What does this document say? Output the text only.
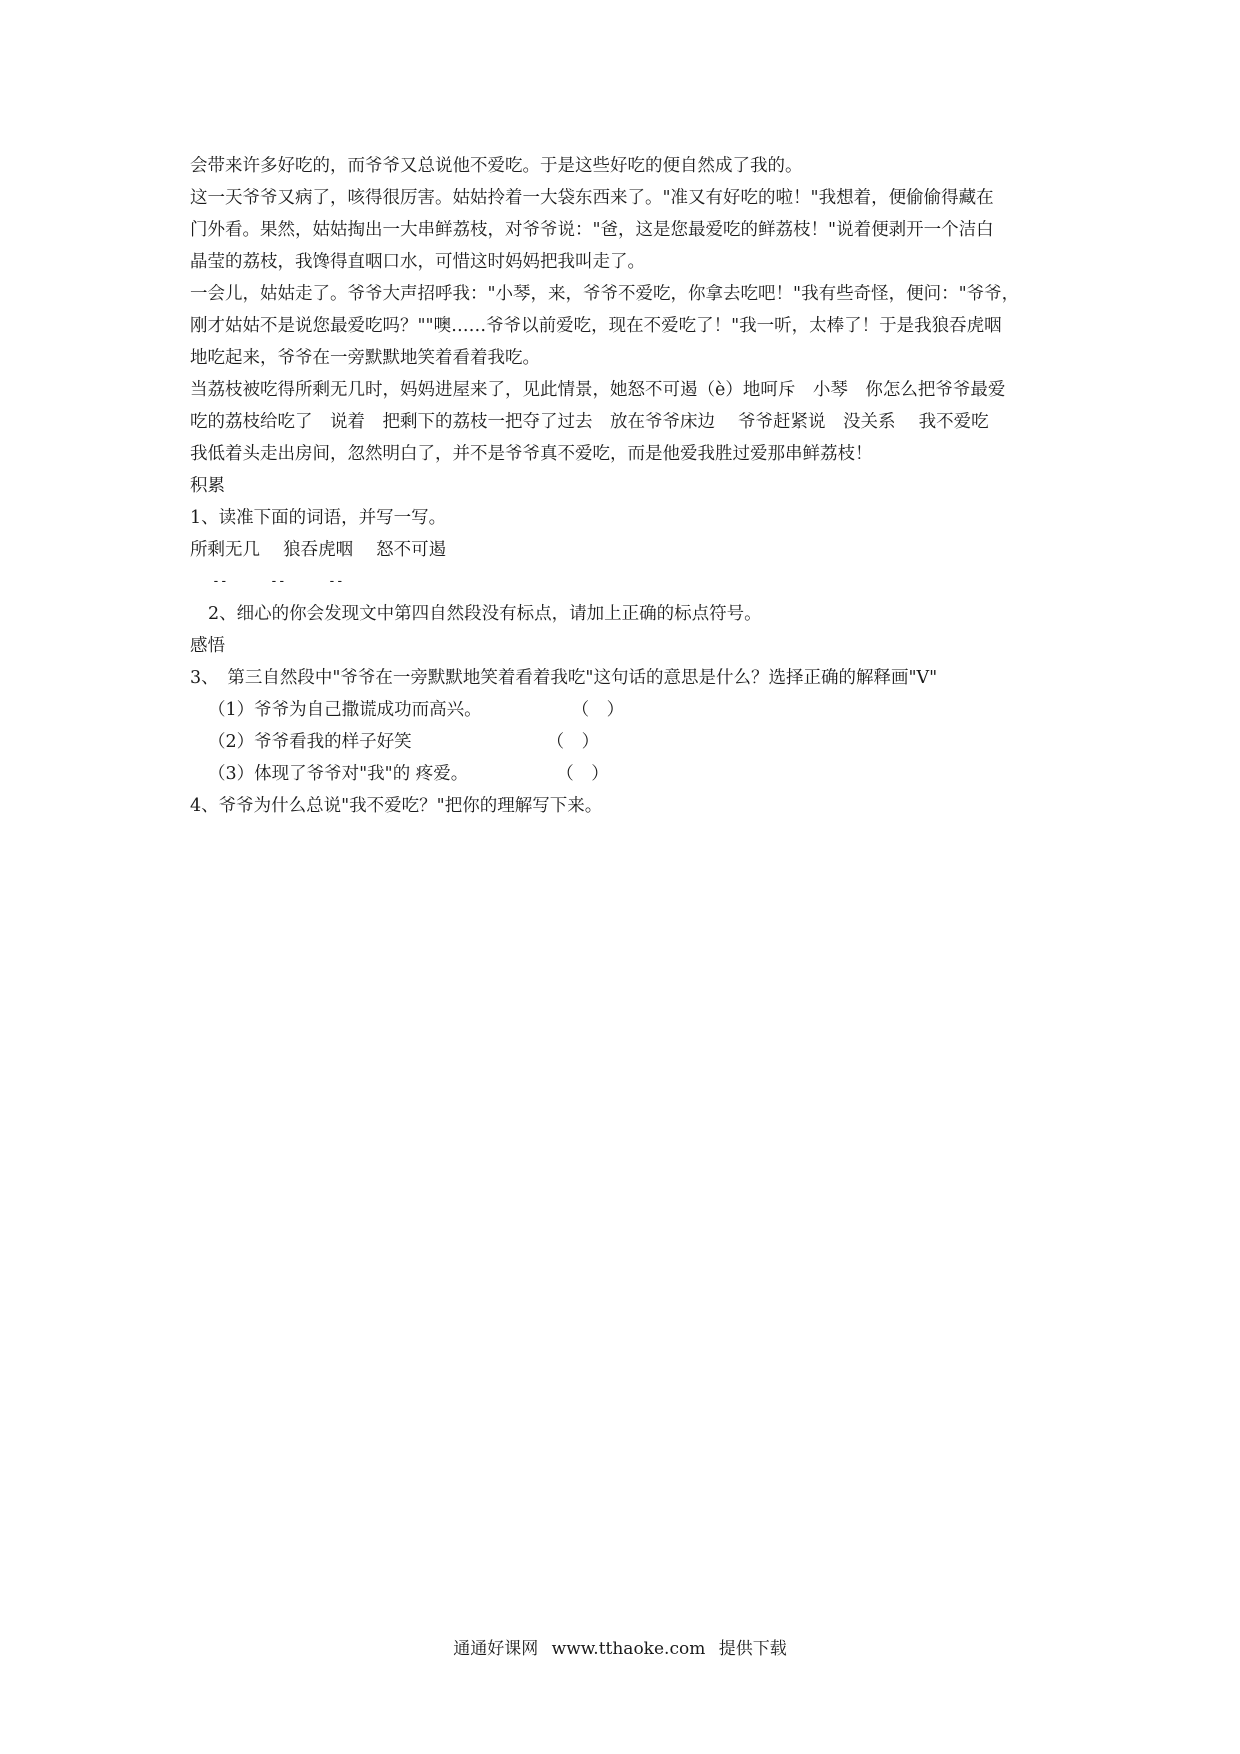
会带来许多好吃的，而爷爷又总说他不爱吃。于是这些好吃的便自然成了我的。
这一天爷爷又病了，咳得很厉害。姑姑拎着一大袋东西来了。"准又有好吃的啦！"我想着，便偷偷得藏在
门外看。果然，姑姑掏出一大串鲜荔枝，对爷爷说："爸，这是您最爱吃的鲜荔枝！"说着便剥开一个洁白
晶莹的荔枝，我馋得直咽口水，可惜这时妈妈把我叫走了。
一会儿，姑姑走了。爷爷大声招呼我："小琴，来，爷爷不爱吃，你拿去吃吧！"我有些奇怪，便问："爷爷，
刚才姑姑不是说您最爱吃吗？""噢……爷爷以前爱吃，现在不爱吃了！"我一听，太棒了！于是我狼吞虎咽
地吃起来，爷爷在一旁默默地笑着看着我吃。
当荔枝被吃得所剩无几时，妈妈进屋来了，见此情景，她怒不可遏（è）地呵斥　小琴　你怎么把爷爷最爱
吃的荔枝给吃了　说着　把剩下的荔枝一把夺了过去　放在爷爷床边　 爷爷赶紧说　没关系　 我不爱吃
我低着头走出房间，忽然明白了，并不是爷爷真不爱吃，而是他爱我胜过爱那串鲜荔枝！
积累
1、读准下面的词语，并写一写。
所剩无几　 狼吞虎咽　 怒不可遏
--	--	--
2、细心的你会发现文中第四自然段没有标点，请加上正确的标点符号。
感悟
3、　第三自然段中"爷爷在一旁默默地笑着看着我吃"这句话的意思是什么？选择正确的解释画"V"
（1）爷爷为自己撒谎成功而高兴。	（　）
（2）爷爷看我的样子好笑	（　）
（3）体现了爷爷对"我"的 疼爱。	（　）
4、爷爷为什么总说"我不爱吃？"把你的理解写下来。
通通好课网 www.tthaoke.com 提供下载
